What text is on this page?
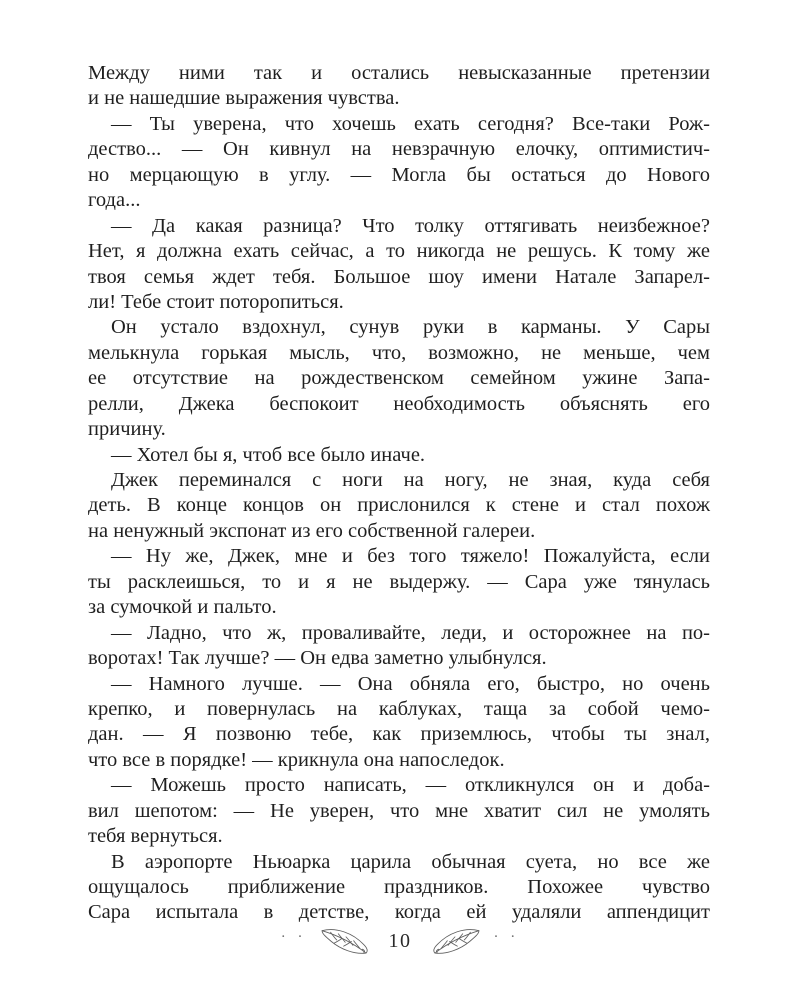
Между ними так и остались невысказанные претензии
и не нашедшие выражения чувства.
— Ты уверена, что хочешь ехать сегодня? Все-таки Рож-
дество... — Он кивнул на невзрачную елочку, оптимистич-
но мерцающую в углу. — Могла бы остаться до Нового
года...
— Да какая разница? Что толку оттягивать неизбежное?
Нет, я должна ехать сейчас, а то никогда не решусь. К тому же
твоя семья ждет тебя. Большое шоу имени Натале Запарел-
ли! Тебе стоит поторопиться.
Он устало вздохнул, сунув руки в карманы. У Сары
мелькнула горькая мысль, что, возможно, не меньше, чем
ее отсутствие на рождественском семейном ужине Запа-
релли, Джека беспокоит необходимость объяснять его
причину.
— Хотел бы я, чтоб все было иначе.
Джек переминался с ноги на ногу, не зная, куда себя
деть. В конце концов он прислонился к стене и стал похож
на ненужный экспонат из его собственной галереи.
— Ну же, Джек, мне и без того тяжело! Пожалуйста, если
ты расклеишься, то и я не выдержу. — Сара уже тянулась
за сумочкой и пальто.
— Ладно, что ж, проваливайте, леди, и осторожнее на по-
воротах! Так лучше? — Он едва заметно улыбнулся.
— Намного лучше. — Она обняла его, быстро, но очень
крепко, и повернулась на каблуках, таща за собой чемо-
дан. — Я позвоню тебе, как приземлюсь, чтобы ты знал,
что все в порядке! — крикнула она напоследок.
— Можешь просто написать, — откликнулся он и доба-
вил шепотом: — Не уверен, что мне хватит сил не умолять
тебя вернуться.
В аэропорте Ньюарка царила обычная суета, но все же
ощущалось приближение праздников. Похожее чувство
Сара испытала в детстве, когда ей удаляли аппендицит
· ·	10	· ·
